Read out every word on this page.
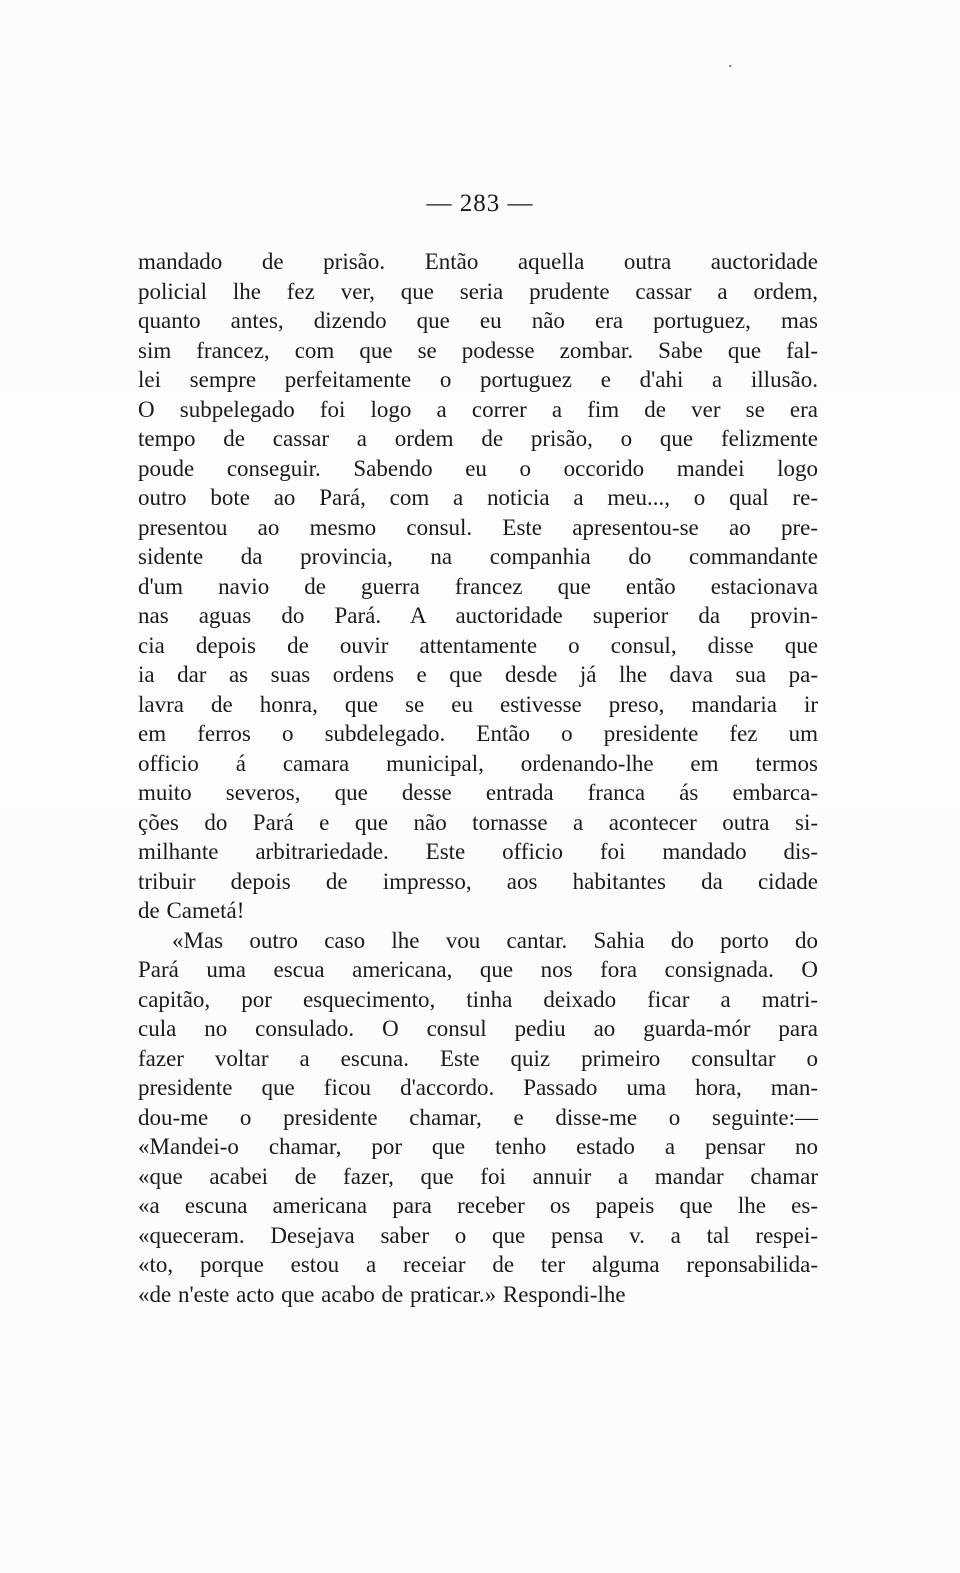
.
— 283 —
mandado de prisão. Então aquella outra auctoridade
policial lhe fez ver, que seria prudente cassar a ordem,
quanto antes, dizendo que eu não era portuguez, mas
sim francez, com que se podesse zombar. Sabe que fal-
lei sempre perfeitamente o portuguez e d'ahi a illusão.
O subpelegado foi logo a correr a fim de ver se era
tempo de cassar a ordem de prisão, o que felizmente
poude conseguir. Sabendo eu o occorido mandei logo
outro bote ao Pará, com a noticia a meu..., o qual re-
presentou ao mesmo consul. Este apresentou-se ao pre-
sidente da provincia, na companhia do commandante
d'um navio de guerra francez que então estacionava
nas aguas do Pará. A auctoridade superior da provin-
cia depois de ouvir attentamente o consul, disse que
ia dar as suas ordens e que desde já lhe dava sua pa-
lavra de honra, que se eu estivesse preso, mandaria ir
em ferros o subdelegado. Então o presidente fez um
officio á camara municipal, ordenando-lhe em termos
muito severos, que desse entrada franca ás embarca-
ções do Pará e que não tornasse a acontecer outra si-
milhante arbitrariedade. Este officio foi mandado dis-
tribuir depois de impresso, aos habitantes da cidade
de Cametá!
«Mas outro caso lhe vou cantar. Sahia do porto do
Pará uma escua americana, que nos fora consignada. O
capitão, por esquecimento, tinha deixado ficar a matri-
cula no consulado. O consul pediu ao guarda-mór para
fazer voltar a escuna. Este quiz primeiro consultar o
presidente que ficou d'accordo. Passado uma hora, man-
dou-me o presidente chamar, e disse-me o seguinte:—
«Mandei-o chamar, por que tenho estado a pensar no
«que acabei de fazer, que foi annuir a mandar chamar
«a escuna americana para receber os papeis que lhe es-
«queceram. Desejava saber o que pensa v. a tal respei-
«to, porque estou a receiar de ter alguma reponsabilida-
«de n'este acto que acabo de praticar.» Respondi-lhe
